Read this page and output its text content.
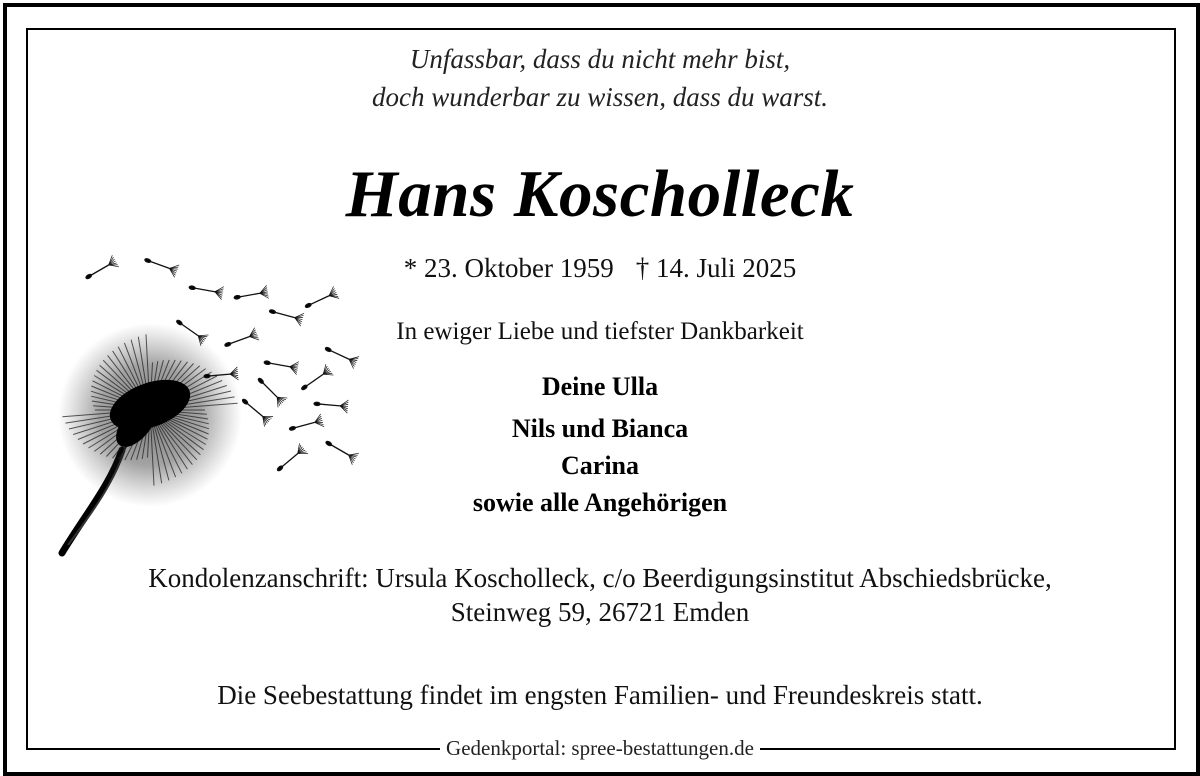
Unfassbar, dass du nicht mehr bist,
doch wunderbar zu wissen, dass du warst.
Hans Koscholleck
* 23. Oktober 1959 † 14. Juli 2025
In ewiger Liebe und tiefster Dankbarkeit
Deine Ulla
Nils und Bianca
Carina
sowie alle Angehörigen
Kondolenzanschrift: Ursula Koscholleck, c/o Beerdigungsinstitut Abschiedsbrücke,
Steinweg 59, 26721 Emden
Die Seebestattung findet im engsten Familien- und Freundeskreis statt.
Gedenkportal: spree-bestattungen.de
